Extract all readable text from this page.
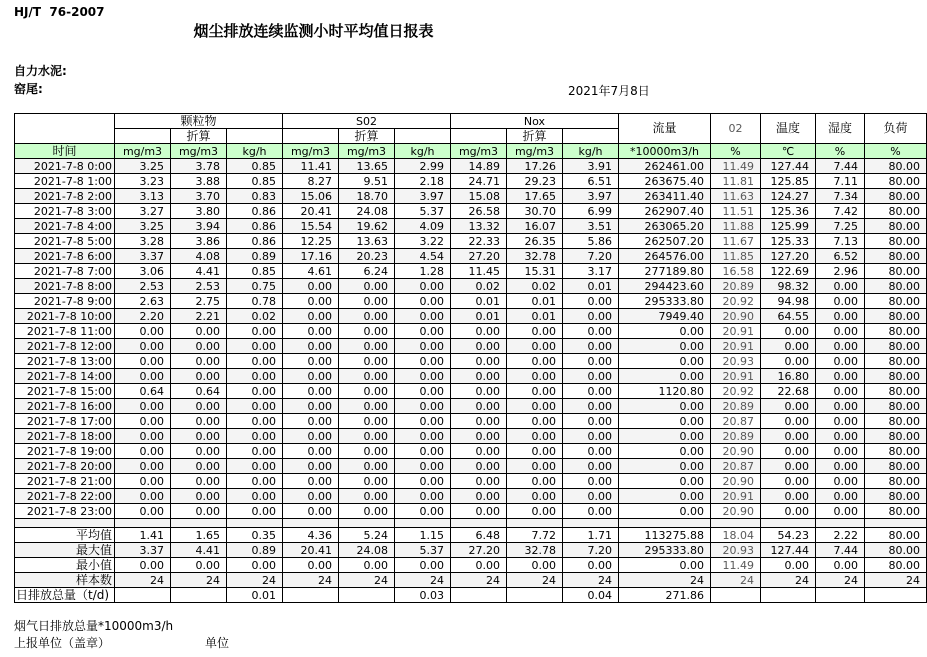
HJ/T  76-2007
烟尘排放连续监测小时平均值日报表
自力水泥:
窑尾:	2021年7月8日
	颗粒物			S02			Nox			流量	02	温度	湿度	负荷
		折算			折算			折算						
时间	mg/m3	mg/m3	kg/h	mg/m3	mg/m3	kg/h	mg/m3	mg/m3	kg/h	*10000m3/h	%	℃	%	%
2021-7-8 0:00	3.25	3.78	0.85	11.41	13.65	2.99	14.89	17.26	3.91	262461.00	11.49	127.44	7.44	80.00
2021-7-8 1:00	3.23	3.88	0.85	8.27	9.51	2.18	24.71	29.23	6.51	263675.40	11.81	125.85	7.11	80.00
2021-7-8 2:00	3.13	3.70	0.83	15.06	18.70	3.97	15.08	17.65	3.97	263411.40	11.63	124.27	7.34	80.00
2021-7-8 3:00	3.27	3.80	0.86	20.41	24.08	5.37	26.58	30.70	6.99	262907.40	11.51	125.36	7.42	80.00
2021-7-8 4:00	3.25	3.94	0.86	15.54	19.62	4.09	13.32	16.07	3.51	263065.20	11.88	125.99	7.25	80.00
2021-7-8 5:00	3.28	3.86	0.86	12.25	13.63	3.22	22.33	26.35	5.86	262507.20	11.67	125.33	7.13	80.00
2021-7-8 6:00	3.37	4.08	0.89	17.16	20.23	4.54	27.20	32.78	7.20	264576.00	11.85	127.20	6.52	80.00
2021-7-8 7:00	3.06	4.41	0.85	4.61	6.24	1.28	11.45	15.31	3.17	277189.80	16.58	122.69	2.96	80.00
2021-7-8 8:00	2.53	2.53	0.75	0.00	0.00	0.00	0.02	0.02	0.01	294423.60	20.89	98.32	0.00	80.00
2021-7-8 9:00	2.63	2.75	0.78	0.00	0.00	0.00	0.01	0.01	0.00	295333.80	20.92	94.98	0.00	80.00
2021-7-8 10:00	2.20	2.21	0.02	0.00	0.00	0.00	0.01	0.01	0.00	7949.40	20.90	64.55	0.00	80.00
2021-7-8 11:00	0.00	0.00	0.00	0.00	0.00	0.00	0.00	0.00	0.00	0.00	20.91	0.00	0.00	80.00
2021-7-8 12:00	0.00	0.00	0.00	0.00	0.00	0.00	0.00	0.00	0.00	0.00	20.91	0.00	0.00	80.00
2021-7-8 13:00	0.00	0.00	0.00	0.00	0.00	0.00	0.00	0.00	0.00	0.00	20.93	0.00	0.00	80.00
2021-7-8 14:00	0.00	0.00	0.00	0.00	0.00	0.00	0.00	0.00	0.00	0.00	20.91	16.80	0.00	80.00
2021-7-8 15:00	0.64	0.64	0.00	0.00	0.00	0.00	0.00	0.00	0.00	1120.80	20.92	22.68	0.00	80.00
2021-7-8 16:00	0.00	0.00	0.00	0.00	0.00	0.00	0.00	0.00	0.00	0.00	20.89	0.00	0.00	80.00
2021-7-8 17:00	0.00	0.00	0.00	0.00	0.00	0.00	0.00	0.00	0.00	0.00	20.87	0.00	0.00	80.00
2021-7-8 18:00	0.00	0.00	0.00	0.00	0.00	0.00	0.00	0.00	0.00	0.00	20.89	0.00	0.00	80.00
2021-7-8 19:00	0.00	0.00	0.00	0.00	0.00	0.00	0.00	0.00	0.00	0.00	20.90	0.00	0.00	80.00
2021-7-8 20:00	0.00	0.00	0.00	0.00	0.00	0.00	0.00	0.00	0.00	0.00	20.87	0.00	0.00	80.00
2021-7-8 21:00	0.00	0.00	0.00	0.00	0.00	0.00	0.00	0.00	0.00	0.00	20.90	0.00	0.00	80.00
2021-7-8 22:00	0.00	0.00	0.00	0.00	0.00	0.00	0.00	0.00	0.00	0.00	20.91	0.00	0.00	80.00
2021-7-8 23:00	0.00	0.00	0.00	0.00	0.00	0.00	0.00	0.00	0.00	0.00	20.90	0.00	0.00	80.00

平均值	1.41	1.65	0.35	4.36	5.24	1.15	6.48	7.72	1.71	113275.88	18.04	54.23	2.22	80.00
最大值	3.37	4.41	0.89	20.41	24.08	5.37	27.20	32.78	7.20	295333.80	20.93	127.44	7.44	80.00
最小值	0.00	0.00	0.00	0.00	0.00	0.00	0.00	0.00	0.00	0.00	11.49	0.00	0.00	80.00
样本数	24	24	24	24	24	24	24	24	24	24	24	24	24	24
日排放总量（t/d)			0.01			0.03			0.04	271.86				
烟气日排放总量*10000m3/h
上报单位（盖章）	单位
